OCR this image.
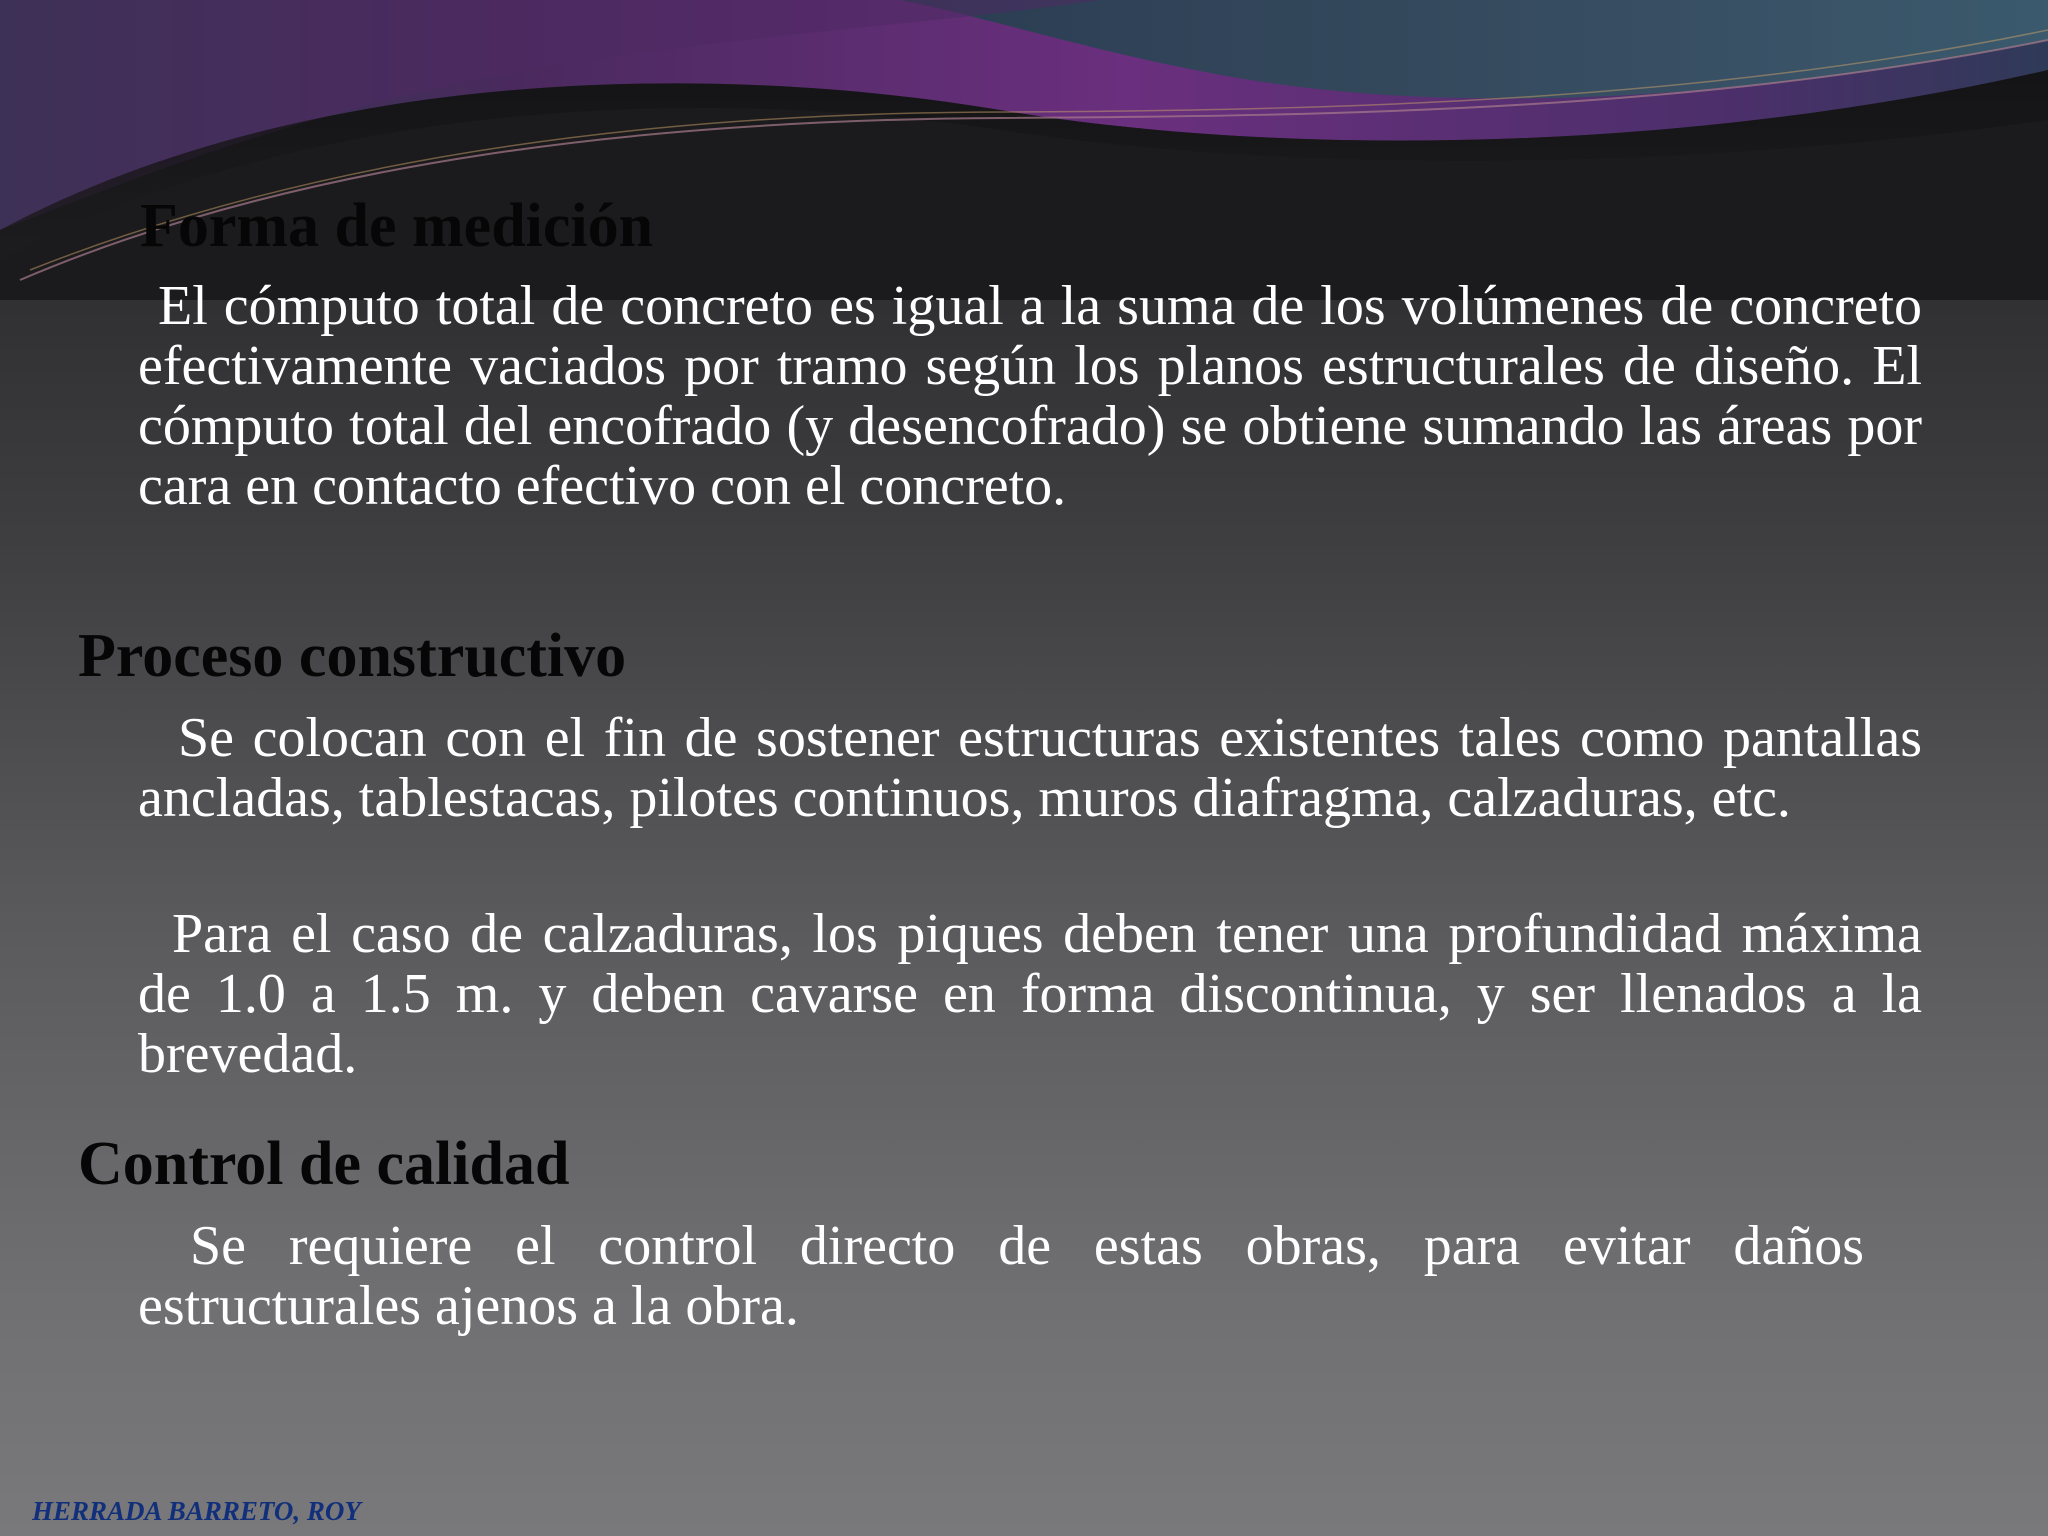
Forma de medición

El cómputo total de concreto es igual a la suma de los volúmenes de concreto efectivamente vaciados por tramo según los planos estructurales de diseño. El cómputo total del encofrado (y desencofrado) se obtiene sumando las áreas por cara en contacto efectivo con el concreto.

Proceso constructivo

Se colocan con el fin de sostener estructuras existentes tales como pantallas ancladas, tablestacas, pilotes continuos, muros diafragma, calzaduras, etc.

Para el caso de calzaduras, los piques deben tener una profundidad máxima de 1.0 a 1.5 m. y deben cavarse en forma discontinua, y ser llenados a la brevedad.

Control de calidad

Se requiere el control directo de estas obras, para evitar daños estructurales ajenos a la obra.

HERRADA BARRETO, ROY
